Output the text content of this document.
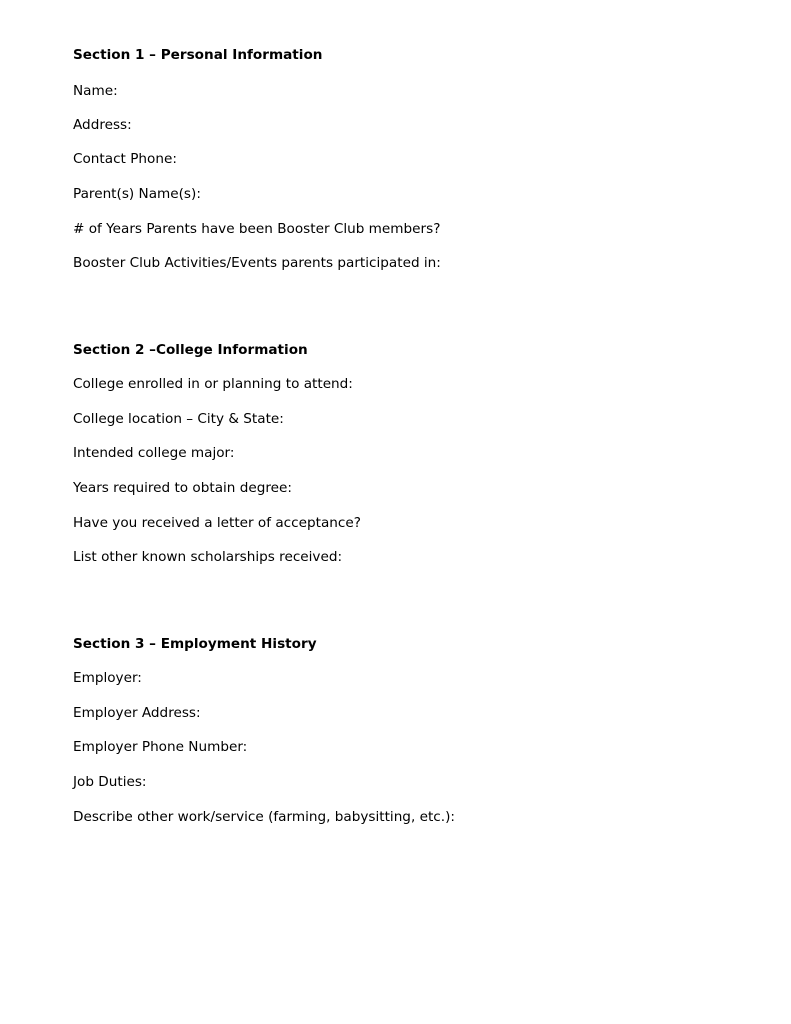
Section 1 – Personal Information
Name:
Address:
Contact Phone:
Parent(s) Name(s):
# of Years Parents have been Booster Club members?
Booster Club Activities/Events parents participated in:
Section 2 –College Information
College enrolled in or planning to attend:
College location – City & State:
Intended college major:
Years required to obtain degree:
Have you received a letter of acceptance?
List other known scholarships received:
Section 3 – Employment History
Employer:
Employer Address:
Employer Phone Number:
Job Duties:
Describe other work/service (farming, babysitting, etc.):
